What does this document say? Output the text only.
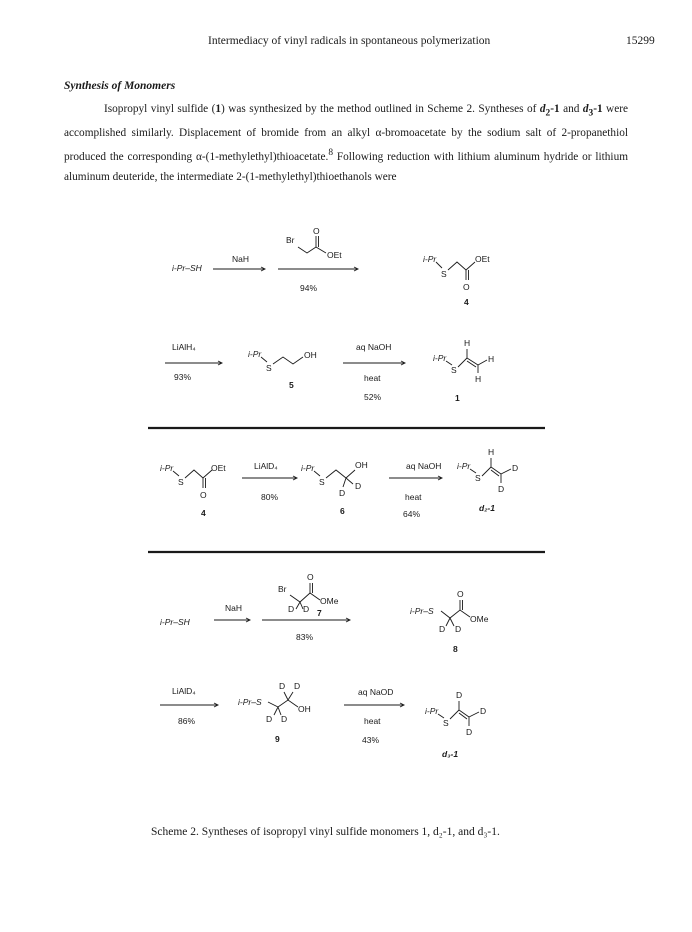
Intermediacy of vinyl radicals in spontaneous polymerization	15299
Synthesis of Monomers

Isopropyl vinyl sulfide (1) was synthesized by the method outlined in Scheme 2. Syntheses of $d_2-1$ and $d_3-1$ were accomplished similarly. Displacement of bromide from an alkyl α-bromoacetate by the sodium salt of 2-propanethiol produced the corresponding α-(1-methylethyl)thioacetate.$^8$ Following reduction with lithium aluminum hydride or lithium aluminum deuteride, the intermediate 2-(1-methylethyl)thioethanols were

i-Pr–SH
NaH
Br
O
OEt
94%
i-Pr
S
O
OEt
4
LiAlH₄
93%
i-Pr
S
OH
5
aq NaOH
heat
52%
i-Pr
S
H
H
H
1
i-Pr
S
O
OEt
4
LiAlD₄
80%
i-Pr
S
OH
D
D
6
aq NaOH
heat
64%
i-Pr
S
H
D
D
d₂-1
i-Pr–SH
NaH
Br
O
OMe
D D 7
83%
i-Pr–S
O
OMe
D D
8
LiAlD₄
86%
i-Pr–S
D D
D D
OH
9
aq NaOD
heat
43%
i-Pr
S
D
D
D
d₃-1
Scheme 2. Syntheses of isopropyl vinyl sulfide monomers 1, d₂-1, and d₃-1.
